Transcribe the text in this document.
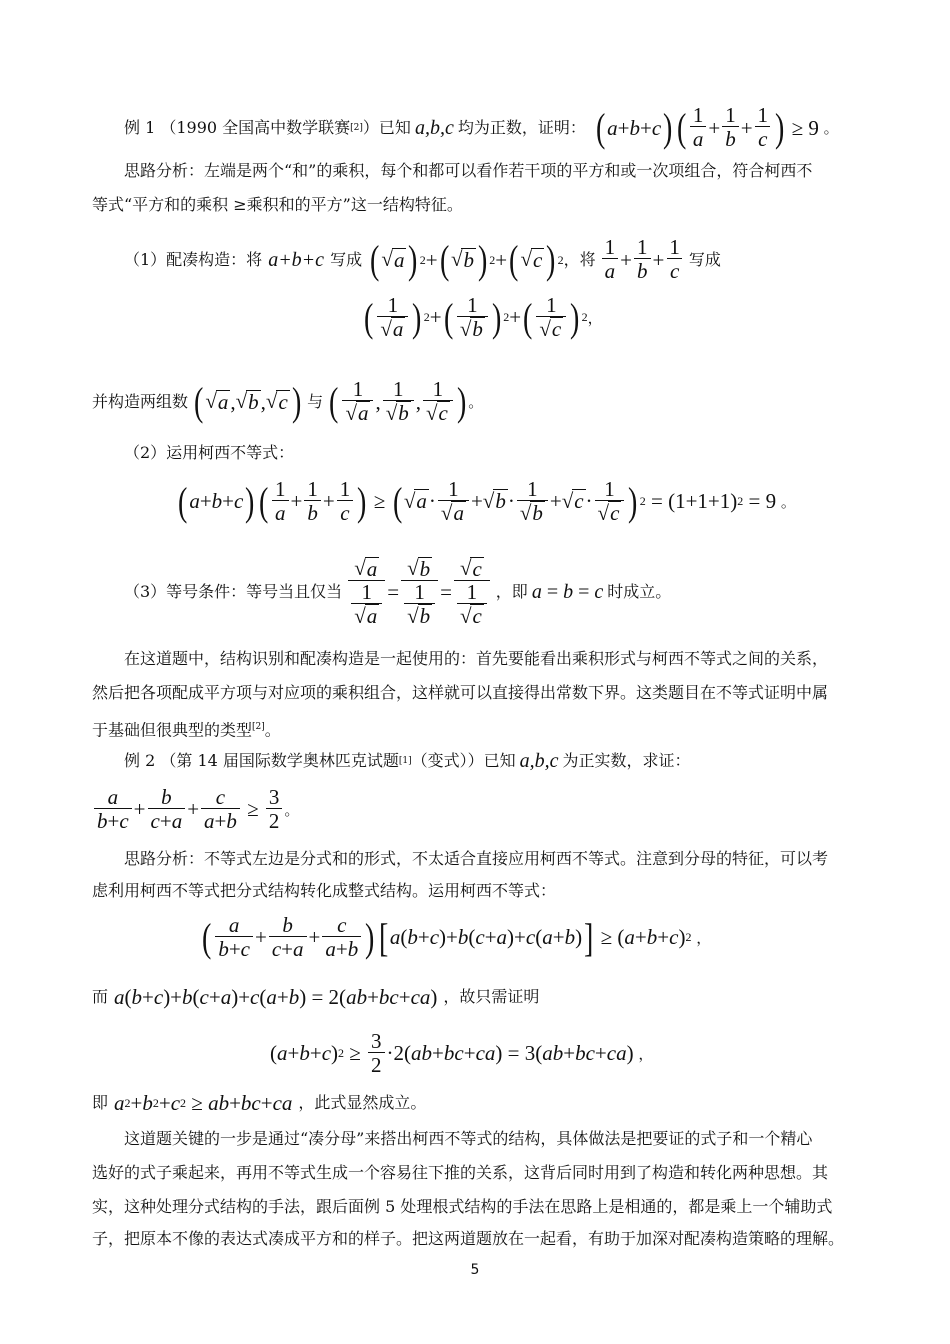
例 1 （1990 全国高中数学联赛 [2] ）已知 a,b,c 均为正数，证明： ( a + b + c ) ( $\frac{1}{a} + \frac{1}{b} + \frac{1}{c}$ ) ≥ 9 。
思路分析：左端是两个“和”的乘积，每个和都可以看作若干项的平方和或一次项组合，符合柯西不
等式“平方和的乘积 ≥乘积和的平方”这一结构特征。
（1）配凑构造：将 a+b+c 写成 ( √ a ) 2 + ( √ b ) 2 + ( √ c ) 2 ，将 $\frac{1}{a} + \frac{1}{b} + \frac{1}{c}$ 写成
( $\frac{1}{√ a}$ ) 2 + ( $\frac{1}{√ b}$ ) 2 + ( $\frac{1}{√ c}$ ) 2 ，
并构造两组数 ( √ a , √ b , √ c ) 与 ( $\frac{1}{√ a}$ , $\frac{1}{√ b}$ , $\frac{1}{√ c}$ ) 。
（2）运用柯西不等式：
( a + b + c ) ( $\frac{1}{a} + \frac{1}{b} + \frac{1}{c}$ ) ≥ ( √ $a \cdot \frac{1}{√ a}$ + √ $b \cdot \frac{1}{√ b}$ + √ $c \cdot \frac{1}{√ c}$ ) 2 = (1+1+1) 2 = 9 。
（3）等号条件：等号当且仅当 $\frac{√ a}{\frac{1}{√ a}} = \frac{√ b}{\frac{1}{√ b}} = \frac{√ c}{\frac{1}{√ c}}$ ，即 a = b = c 时成立。
在这道题中，结构识别和配凑构造是一起使用的：首先要能看出乘积形式与柯西不等式之间的关系，
然后把各项配成平方项与对应项的乘积组合，这样就可以直接得出常数下界。这类题目在不等式证明中属
于基础但很典型的类型[2]。
例 2 （第 14 届国际数学奥林匹克试题 [1] （变式））已知 a,b,c 为正实数，求证：
$\frac{a}{b+c} + \frac{b}{c+a} + \frac{c}{a+b} \ge \frac{3}{2}$ 。
思路分析：不等式左边是分式和的形式，不太适合直接应用柯西不等式。注意到分母的特征，可以考
虑利用柯西不等式把分式结构转化成整式结构。运用柯西不等式：
( $\frac{a}{b+c} + \frac{b}{c+a} + \frac{c}{a+b}$ ) [ a ( b + c )+ b ( c + a )+ c ( a + b ) ] ≥ ( a + b + c ) 2 ，
而 a ( b + c )+ b ( c + a )+ c ( a + b ) = 2( ab + bc + ca ) ，故只需证明
( a + b + c ) $2 \ge \frac{3}{2} \cdot 2$( ab + bc + ca ) = 3( ab + bc + ca ) ，
即 a 2 + b 2 + c 2 ≥ ab + bc + ca ，此式显然成立。
这道题关键的一步是通过“凑分母”来搭出柯西不等式的结构，具体做法是把要证的式子和一个精心
选好的式子乘起来，再用不等式生成一个容易往下推的关系，这背后同时用到了构造和转化两种思想。其
实，这种处理分式结构的手法，跟后面例 5 处理根式结构的手法在思路上是相通的，都是乘上一个辅助式
子，把原本不像的表达式凑成平方和的样子。把这两道题放在一起看，有助于加深对配凑构造策略的理解。
5
